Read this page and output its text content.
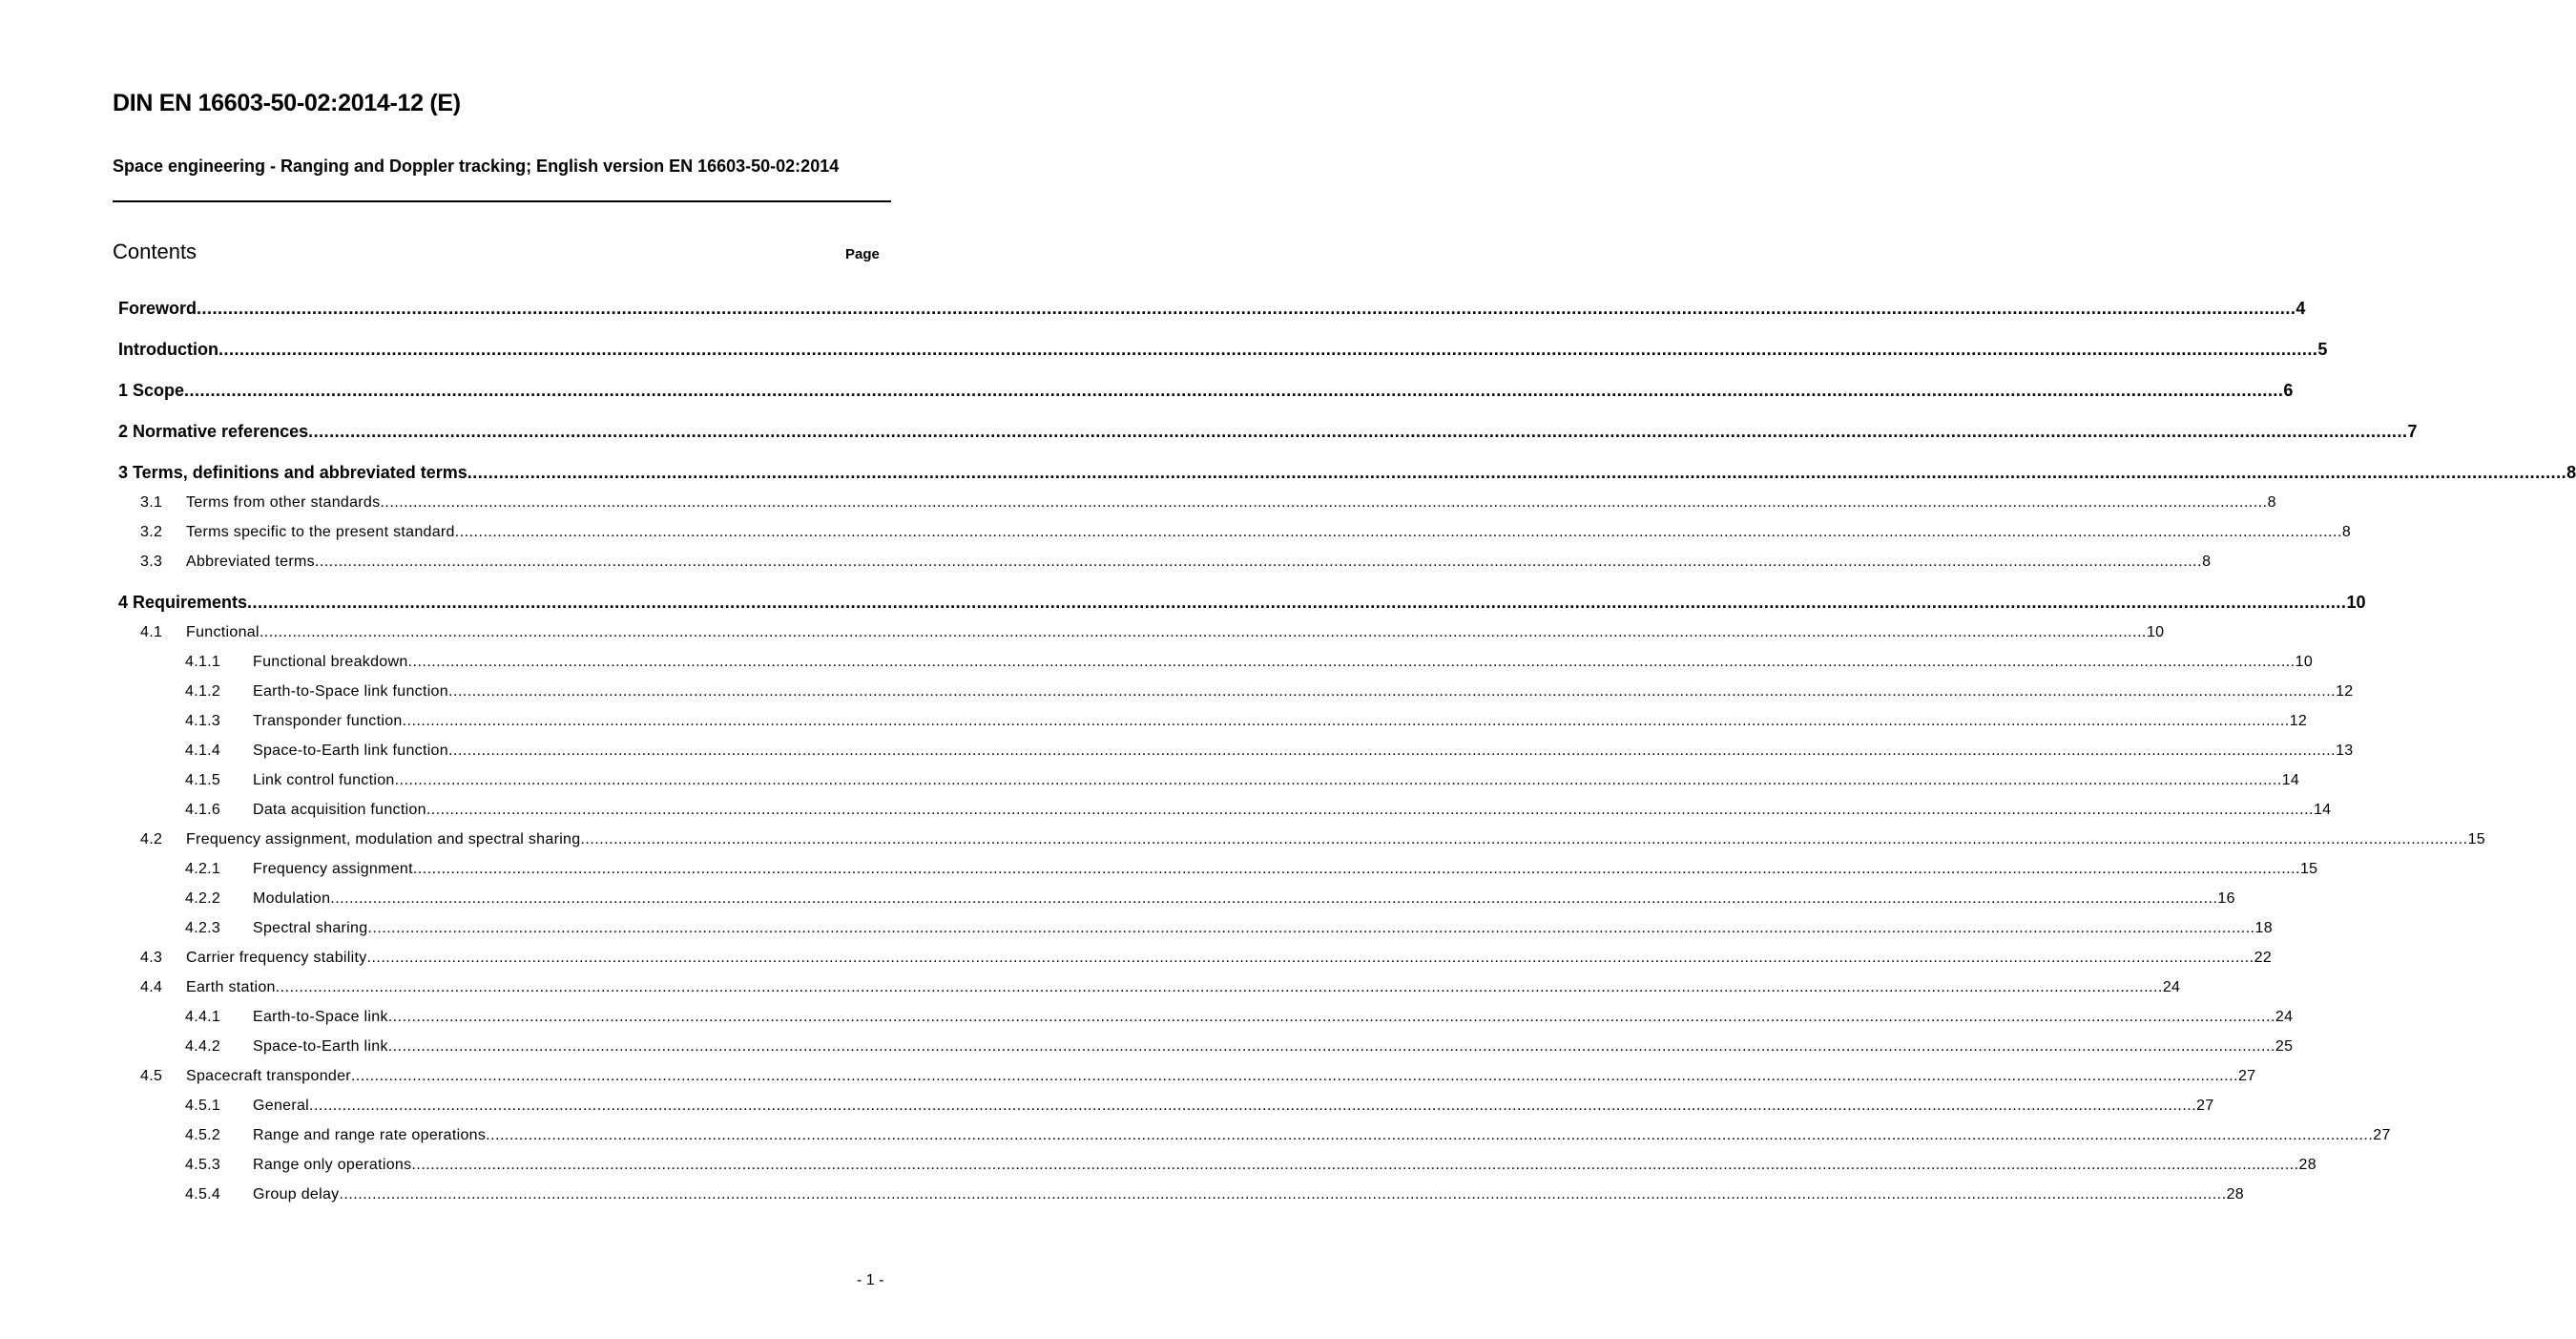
DIN EN 16603-50-02:2014-12 (E)
Space engineering - Ranging and Doppler tracking; English version EN 16603-50-02:2014
Contents	Page
Foreword ................................................................................................................................................................................................................................................................................................................................................................................................................ 4
Introduction ................................................................................................................................................................................................................................................................................................................................................................................................................ 5
1 Scope ................................................................................................................................................................................................................................................................................................................................................................................................................ 6
2 Normative references ................................................................................................................................................................................................................................................................................................................................................................................................................ 7
3 Terms, definitions and abbreviated terms ................................................................................................................................................................................................................................................................................................................................................................................................................ 8
3.1	Terms from other standards ................................................................................................................................................................................................................................................................................................................................................................................................................ 8
3.2	Terms specific to the present standard ................................................................................................................................................................................................................................................................................................................................................................................................................ 8
3.3	Abbreviated terms ................................................................................................................................................................................................................................................................................................................................................................................................................ 8
4 Requirements ................................................................................................................................................................................................................................................................................................................................................................................................................ 10
4.1	Functional ................................................................................................................................................................................................................................................................................................................................................................................................................ 10
4.1.1	Functional breakdown ................................................................................................................................................................................................................................................................................................................................................................................................................ 10
4.1.2	Earth-to-Space link function ................................................................................................................................................................................................................................................................................................................................................................................................................ 12
4.1.3	Transponder function ................................................................................................................................................................................................................................................................................................................................................................................................................ 12
4.1.4	Space-to-Earth link function ................................................................................................................................................................................................................................................................................................................................................................................................................ 13
4.1.5	Link control function ................................................................................................................................................................................................................................................................................................................................................................................................................ 14
4.1.6	Data acquisition function ................................................................................................................................................................................................................................................................................................................................................................................................................ 14
4.2	Frequency assignment, modulation and spectral sharing ................................................................................................................................................................................................................................................................................................................................................................................................................ 15
4.2.1	Frequency assignment ................................................................................................................................................................................................................................................................................................................................................................................................................ 15
4.2.2	Modulation ................................................................................................................................................................................................................................................................................................................................................................................................................ 16
4.2.3	Spectral sharing ................................................................................................................................................................................................................................................................................................................................................................................................................ 18
4.3	Carrier frequency stability ................................................................................................................................................................................................................................................................................................................................................................................................................ 22
4.4	Earth station ................................................................................................................................................................................................................................................................................................................................................................................................................ 24
4.4.1	Earth-to-Space link ................................................................................................................................................................................................................................................................................................................................................................................................................ 24
4.4.2	Space-to-Earth link ................................................................................................................................................................................................................................................................................................................................................................................................................ 25
4.5	Spacecraft transponder ................................................................................................................................................................................................................................................................................................................................................................................................................ 27
4.5.1	General ................................................................................................................................................................................................................................................................................................................................................................................................................ 27
4.5.2	Range and range rate operations ................................................................................................................................................................................................................................................................................................................................................................................................................ 27
4.5.3	Range only operations ................................................................................................................................................................................................................................................................................................................................................................................................................ 28
4.5.4	Group delay ................................................................................................................................................................................................................................................................................................................................................................................................................ 28
- 1 -
